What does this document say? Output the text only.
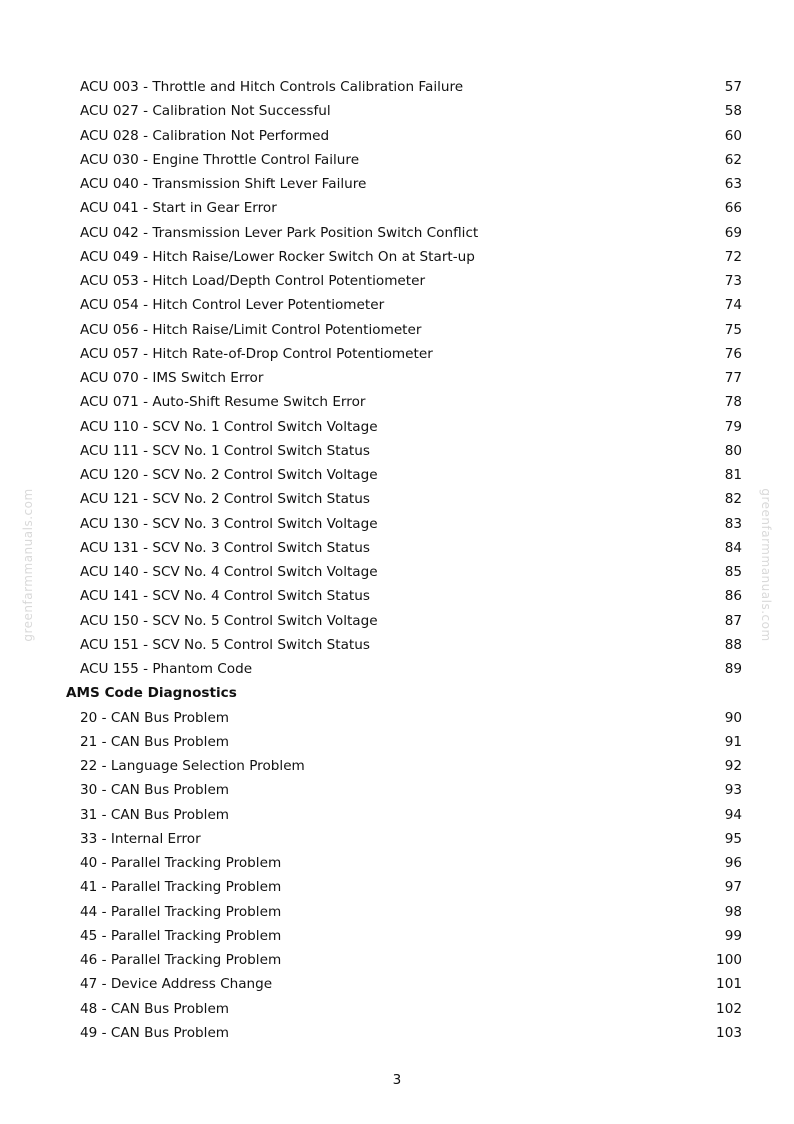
greenfarmmanuals.com	greenfarmmanuals.com
ACU 003 - Throttle and Hitch Controls Calibration Failure	57
ACU 027 - Calibration Not Successful	58
ACU 028 - Calibration Not Performed	60
ACU 030 - Engine Throttle Control Failure	62
ACU 040 - Transmission Shift Lever Failure	63
ACU 041 - Start in Gear Error	66
ACU 042 - Transmission Lever Park Position Switch Conflict	69
ACU 049 - Hitch Raise/Lower Rocker Switch On at Start-up	72
ACU 053 - Hitch Load/Depth Control Potentiometer	73
ACU 054 - Hitch Control Lever Potentiometer	74
ACU 056 - Hitch Raise/Limit Control Potentiometer	75
ACU 057 - Hitch Rate-of-Drop Control Potentiometer	76
ACU 070 - IMS Switch Error	77
ACU 071 - Auto-Shift Resume Switch Error	78
ACU 110 - SCV No. 1 Control Switch Voltage	79
ACU 111 - SCV No. 1 Control Switch Status	80
ACU 120 - SCV No. 2 Control Switch Voltage	81
ACU 121 - SCV No. 2 Control Switch Status	82
ACU 130 - SCV No. 3 Control Switch Voltage	83
ACU 131 - SCV No. 3 Control Switch Status	84
ACU 140 - SCV No. 4 Control Switch Voltage	85
ACU 141 - SCV No. 4 Control Switch Status	86
ACU 150 - SCV No. 5 Control Switch Voltage	87
ACU 151 - SCV No. 5 Control Switch Status	88
ACU 155 - Phantom Code	89
AMS Code Diagnostics
20 - CAN Bus Problem	90
21 - CAN Bus Problem	91
22 - Language Selection Problem	92
30 - CAN Bus Problem	93
31 - CAN Bus Problem	94
33 - Internal Error	95
40 - Parallel Tracking Problem	96
41 - Parallel Tracking Problem	97
44 - Parallel Tracking Problem	98
45 - Parallel Tracking Problem	99
46 - Parallel Tracking Problem	100
47 - Device Address Change	101
48 - CAN Bus Problem	102
49 - CAN Bus Problem	103
3
